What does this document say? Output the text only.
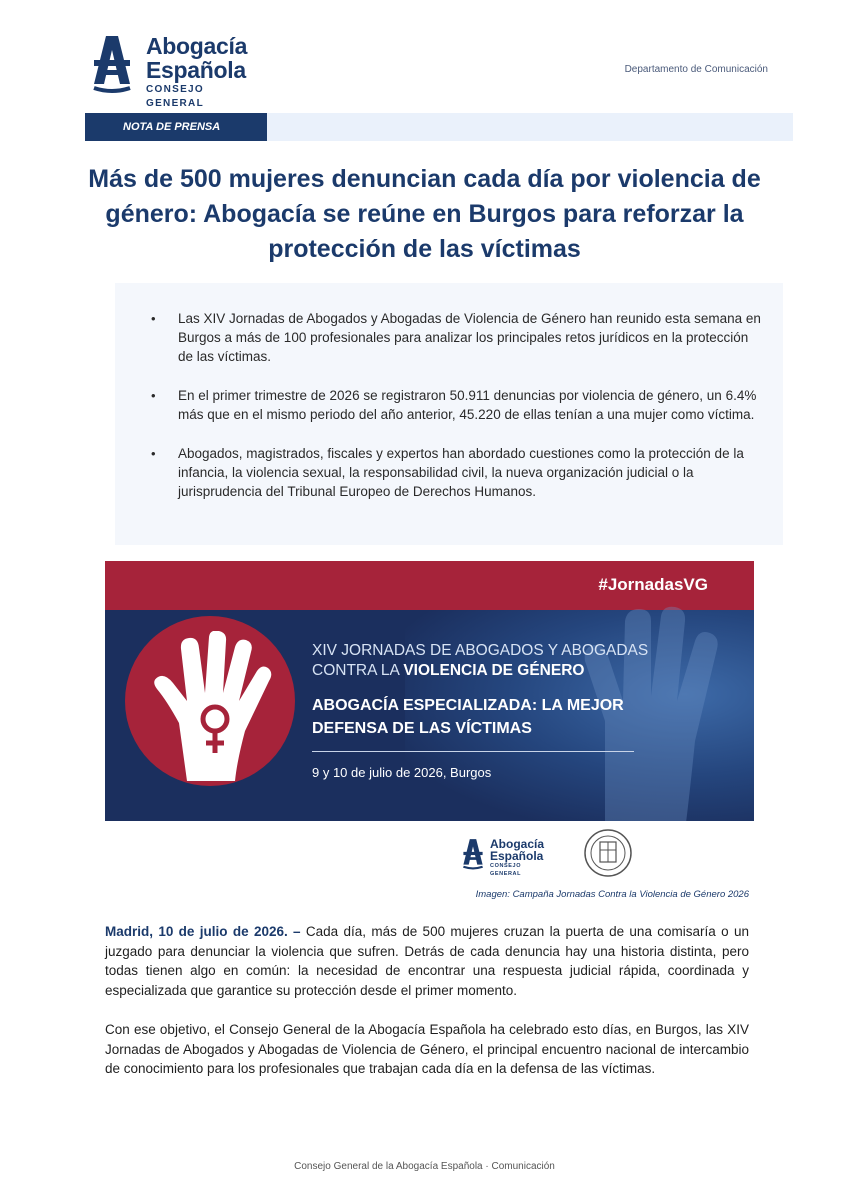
Abogacía
Española
CONSEJO GENERAL
Departamento de Comunicación
NOTA DE PRENSA
Más de 500 mujeres denuncian cada día por violencia de género: Abogacía se reúne en Burgos para reforzar la protección de las víctimas
• Las XIV Jornadas de Abogados y Abogadas de Violencia de Género han reunido esta semana en Burgos a más de 100 profesionales para analizar los principales retos jurídicos en la protección de las víctimas.
• En el primer trimestre de 2026 se registraron 50.911 denuncias por violencia de género, un 6.4% más que en el mismo periodo del año anterior, 45.220 de ellas tenían a una mujer como víctima.
• Abogados, magistrados, fiscales y expertos han abordado cuestiones como la protección de la infancia, la violencia sexual, la responsabilidad civil, la nueva organización judicial o la jurisprudencia del Tribunal Europeo de Derechos Humanos.
#JornadasVG
XIV JORNADAS DE ABOGADOS Y ABOGADAS
CONTRA LA VIOLENCIA DE GÉNERO
ABOGACÍA ESPECIALIZADA: LA MEJOR
DEFENSA DE LAS VÍCTIMAS
9 y 10 de julio de 2026, Burgos
Abogacía
Española
CONSEJO GENERAL
Imagen: Campaña Jornadas Contra la Violencia de Género 2026

Madrid, 10 de julio de 2026. – Cada día, más de 500 mujeres cruzan la puerta de una comisaría o un juzgado para denunciar la violencia que sufren. Detrás de cada denuncia hay una historia distinta, pero todas tienen algo en común: la necesidad de encontrar una respuesta judicial rápida, coordinada y especializada que garantice su protección desde el primer momento.

Con ese objetivo, el Consejo General de la Abogacía Española ha celebrado esto días, en Burgos, las XIV Jornadas de Abogados y Abogadas de Violencia de Género, el principal encuentro nacional de intercambio de conocimiento para los profesionales que trabajan cada día en la defensa de las víctimas.

Consejo General de la Abogacía Española · Comunicación
